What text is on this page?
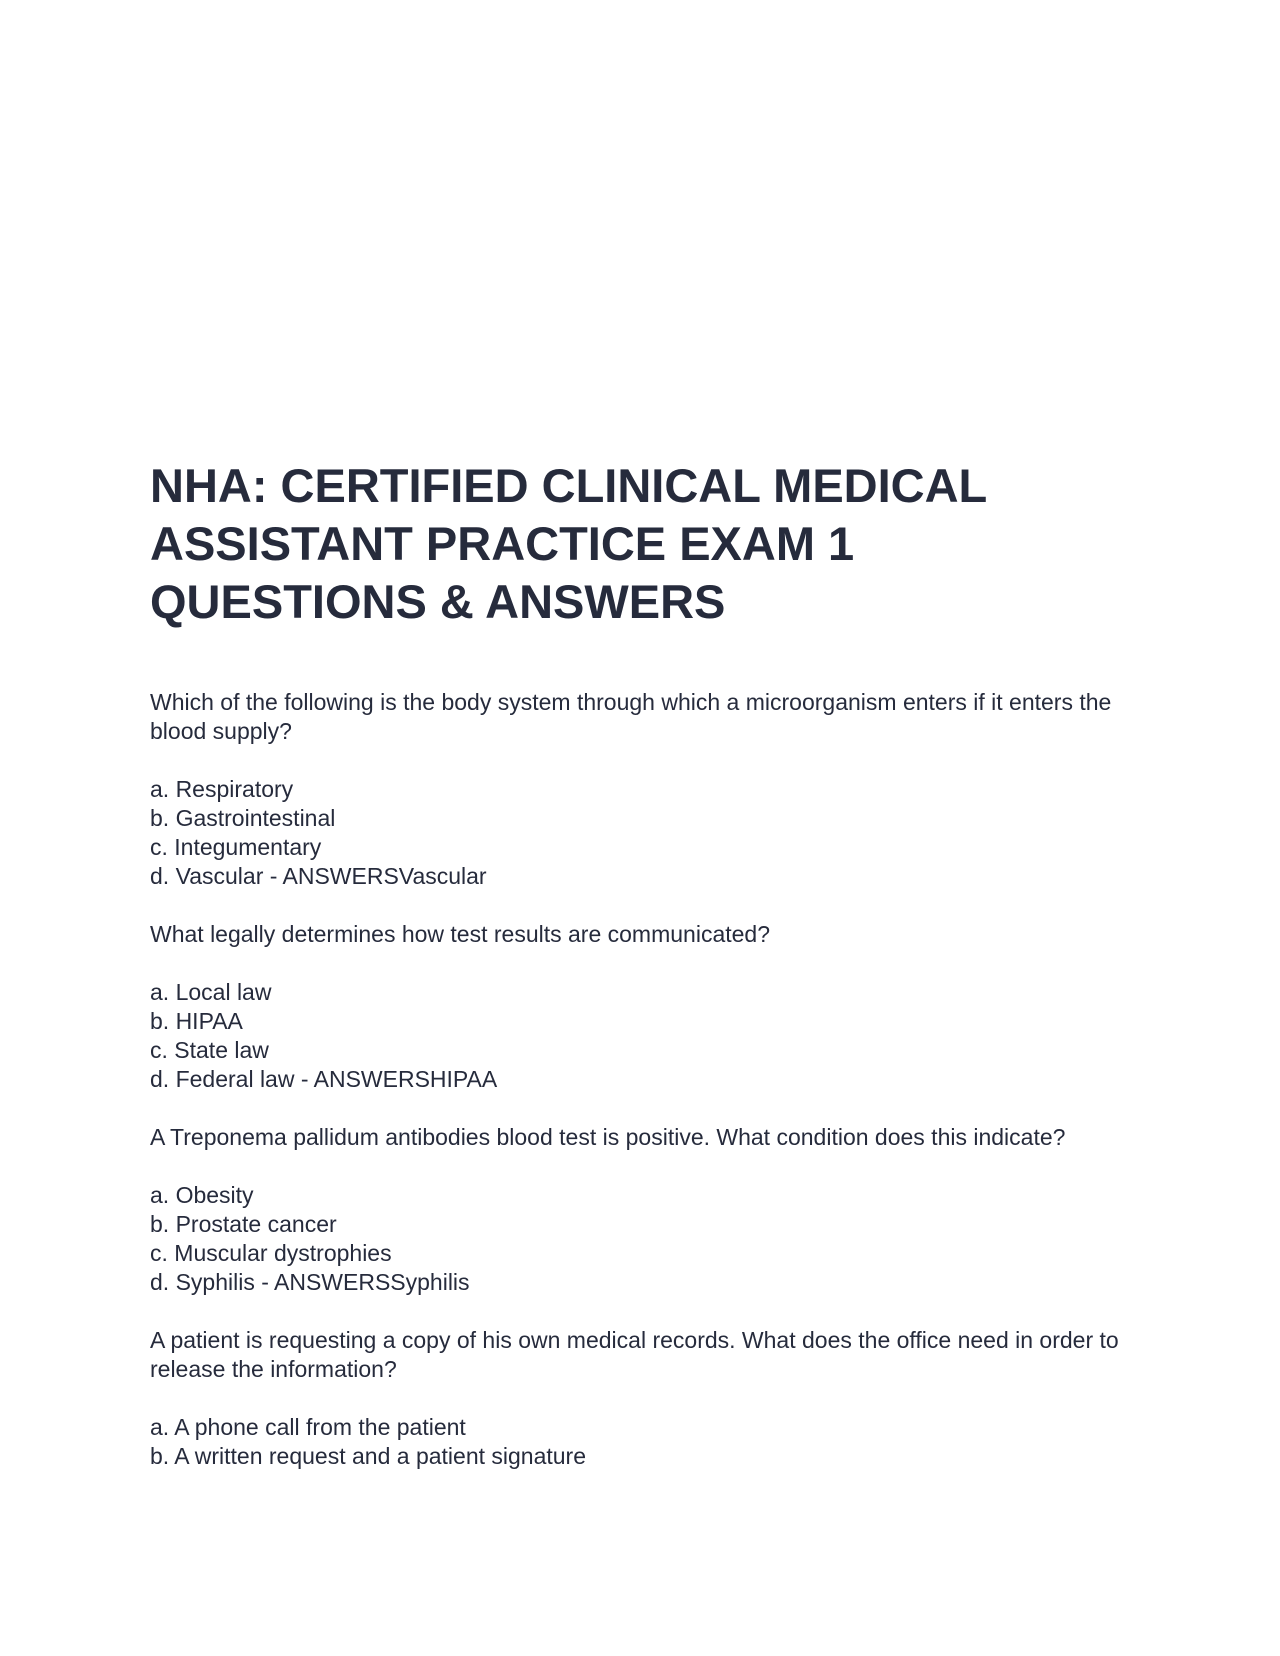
NHA: CERTIFIED CLINICAL MEDICAL ASSISTANT PRACTICE EXAM 1 QUESTIONS & ANSWERS

Which of the following is the body system through which a microorganism enters if it enters the blood supply?

a. Respiratory
b. Gastrointestinal
c. Integumentary
d. Vascular - ANSWERSVascular

What legally determines how test results are communicated?

a. Local law
b. HIPAA
c. State law
d. Federal law - ANSWERSHIPAA

A Treponema pallidum antibodies blood test is positive. What condition does this indicate?

a. Obesity
b. Prostate cancer
c. Muscular dystrophies
d. Syphilis - ANSWERSSyphilis

A patient is requesting a copy of his own medical records. What does the office need in order to release the information?

a. A phone call from the patient
b. A written request and a patient signature
